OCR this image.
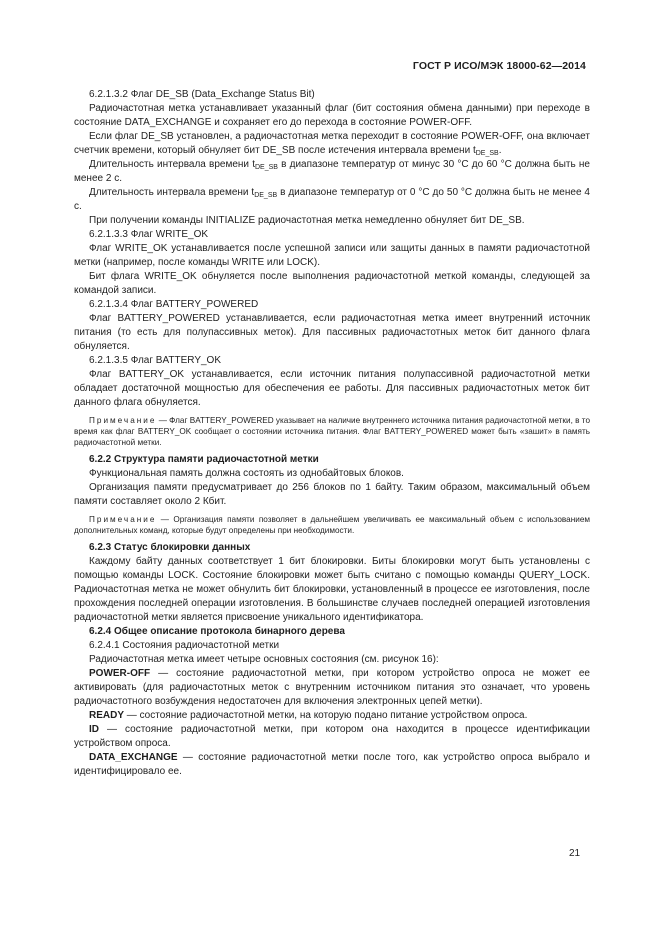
ГОСТ Р ИСО/МЭК 18000-62—2014

6.2.1.3.2 Флаг DE_SB (Data_Exchange Status Bit)

Радиочастотная метка устанавливает указанный флаг (бит состояния обмена данными) при переходе в состояние DATA_EXCHANGE и сохраняет его до перехода в состояние POWER-OFF.

Если флаг DE_SB установлен, а радиочастотная метка переходит в состояние POWER-OFF, она включает счетчик времени, который обнуляет бит DE_SB после истечения интервала времени $t_{DE\_SB}$.

Длительность интервала времени $t_{DE\_SB}$ в диапазоне температур от минус 30 °С до 60 °С должна быть не менее 2 с.

Длительность интервала времени $t_{DE\_SB}$ в диапазоне температур от 0 °С до 50 °С должна быть не менее 4 с.

При получении команды INITIALIZE радиочастотная метка немедленно обнуляет бит DE_SB.

6.2.1.3.3 Флаг WRITE_OK

Флаг WRITE_OK устанавливается после успешной записи или защиты данных в памяти радиочастотной метки (например, после команды WRITE или LOCK).

Бит флага WRITE_OK обнуляется после выполнения радиочастотной меткой команды, следующей за командой записи.

6.2.1.3.4 Флаг BATTERY_POWERED

Флаг BATTERY_POWERED устанавливается, если радиочастотная метка имеет внутренний источник питания (то есть для полупассивных меток). Для пассивных радиочастотных меток бит данного флага обнуляется.

6.2.1.3.5 Флаг BATTERY_OK

Флаг BATTERY_OK устанавливается, если источник питания полупассивной радиочастотной метки обладает достаточной мощностью для обеспечения ее работы. Для пассивных радиочастотных меток бит данного флага обнуляется.

Примечание — Флаг BATTERY_POWERED указывает на наличие внутреннего источника питания радиочастотной метки, в то время как флаг BATTERY_OK сообщает о состоянии источника питания. Флаг BATTERY_POWERED может быть «зашит» в память радиочастотной метки.

6.2.2 Структура памяти радиочастотной метки

Функциональная память должна состоять из однобайтовых блоков.

Организация памяти предусматривает до 256 блоков по 1 байту. Таким образом, максимальный объем памяти составляет около 2 Кбит.

Примечание — Организация памяти позволяет в дальнейшем увеличивать ее максимальный объем с использованием дополнительных команд, которые будут определены при необходимости.

6.2.3 Статус блокировки данных

Каждому байту данных соответствует 1 бит блокировки. Биты блокировки могут быть установлены с помощью команды LOCK. Состояние блокировки может быть считано с помощью команды QUERY_LOCK. Радиочастотная метка не может обнулить бит блокировки, установленный в процессе ее изготовления, после прохождения последней операции изготовления. В большинстве случаев последней операцией изготовления радиочастотной метки является присвоение уникального идентификатора.

6.2.4 Общее описание протокола бинарного дерева

6.2.4.1 Состояния радиочастотной метки

Радиочастотная метка имеет четыре основных состояния (см. рисунок 16):

POWER-OFF — состояние радиочастотной метки, при котором устройство опроса не может ее активировать (для радиочастотных меток с внутренним источником питания это означает, что уровень радиочастотного возбуждения недостаточен для включения электронных цепей метки).

READY — состояние радиочастотной метки, на которую подано питание устройством опроса.

ID — состояние радиочастотной метки, при котором она находится в процессе идентификации устройством опроса.

DATA_EXCHANGE — состояние радиочастотной метки после того, как устройство опроса выбрало и идентифицировало ее.

21
